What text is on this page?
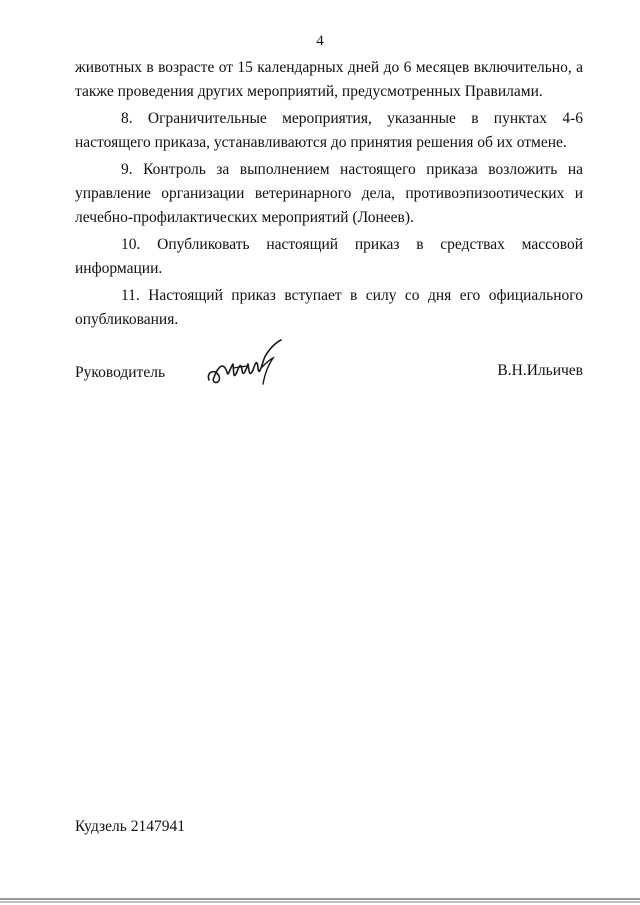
4

животных в возрасте от 15 календарных дней до 6 месяцев включительно, а также проведения других мероприятий, предусмотренных Правилами.

8. Ограничительные мероприятия, указанные в пунктах 4-6 настоящего приказа, устанавливаются до принятия решения об их отмене.

9. Контроль за выполнением настоящего приказа возложить на управление организации ветеринарного дела, противоэпизоотических и лечебно-профилактических мероприятий (Лонеев).

10. Опубликовать настоящий приказ в средствах массовой информации.

11. Настоящий приказ вступает в силу со дня его официального опубликования.

Руководитель	В.Н.Ильичев
Кудзель 2147941
